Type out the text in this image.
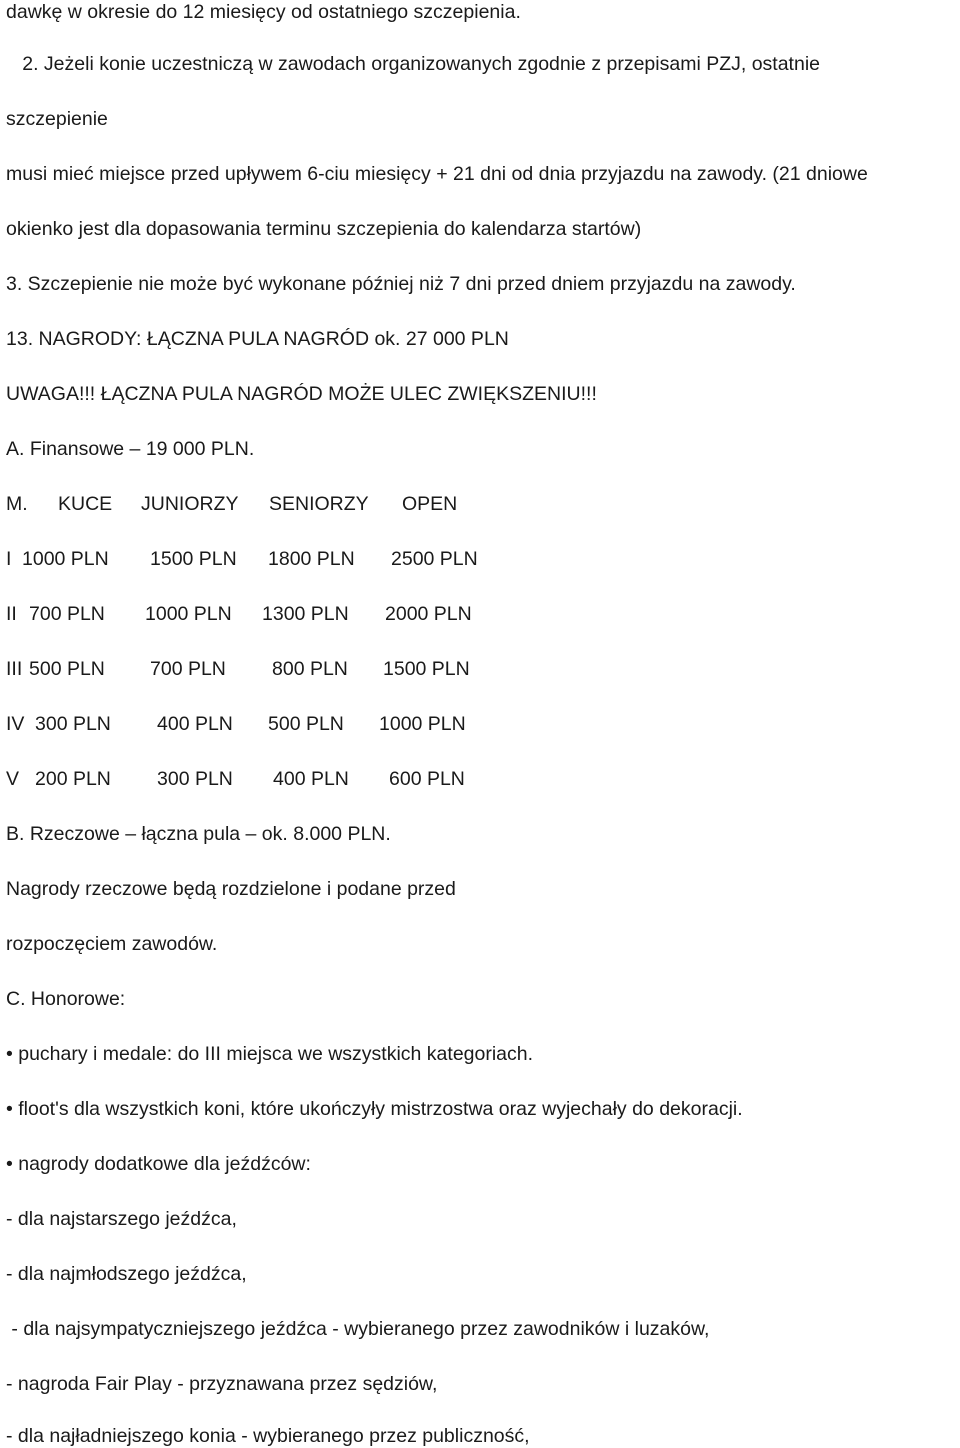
dawkę w okresie do 12 miesięcy od ostatniego szczepienia.
2. Jeżeli konie uczestniczą w zawodach organizowanych zgodnie z przepisami PZJ, ostatnie
szczepienie
musi mieć miejsce przed upływem 6-ciu miesięcy + 21 dni od dnia przyjazdu na zawody. (21 dniowe
okienko jest dla dopasowania terminu szczepienia do kalendarza startów)
3. Szczepienie nie może być wykonane później niż 7 dni przed dniem przyjazdu na zawody.
13. NAGRODY: ŁĄCZNA PULA NAGRÓD ok. 27 000 PLN
UWAGA!!! ŁĄCZNA PULA NAGRÓD MOŻE ULEC ZWIĘKSZENIU!!!
A. Finansowe – 19 000 PLN.

M.

KUCE

JUNIORZY

SENIORZY

OPEN

I

1000 PLN

1500 PLN

1800 PLN

2500 PLN

II

700 PLN

1000 PLN

1300 PLN

2000 PLN

III

500 PLN

700 PLN

800 PLN

1500 PLN

IV

300 PLN

400 PLN

500 PLN

1000 PLN

V

200 PLN

300 PLN

400 PLN

600 PLN

B. Rzeczowe – łączna pula – ok. 8.000 PLN.
Nagrody rzeczowe będą rozdzielone i podane przed
rozpoczęciem zawodów.
C. Honorowe:
• puchary i medale: do III miejsca we wszystkich kategoriach.
• floot's dla wszystkich koni, które ukończyły mistrzostwa oraz wyjechały do dekoracji.
• nagrody dodatkowe dla jeźdźców:
- dla najstarszego jeźdźca,
- dla najmłodszego jeźdźca,
- dla najsympatyczniejszego jeźdźca - wybieranego przez zawodników i luzaków,
- nagroda Fair Play - przyznawana przez sędziów,
- dla najładniejszego konia - wybieranego przez publiczność,
